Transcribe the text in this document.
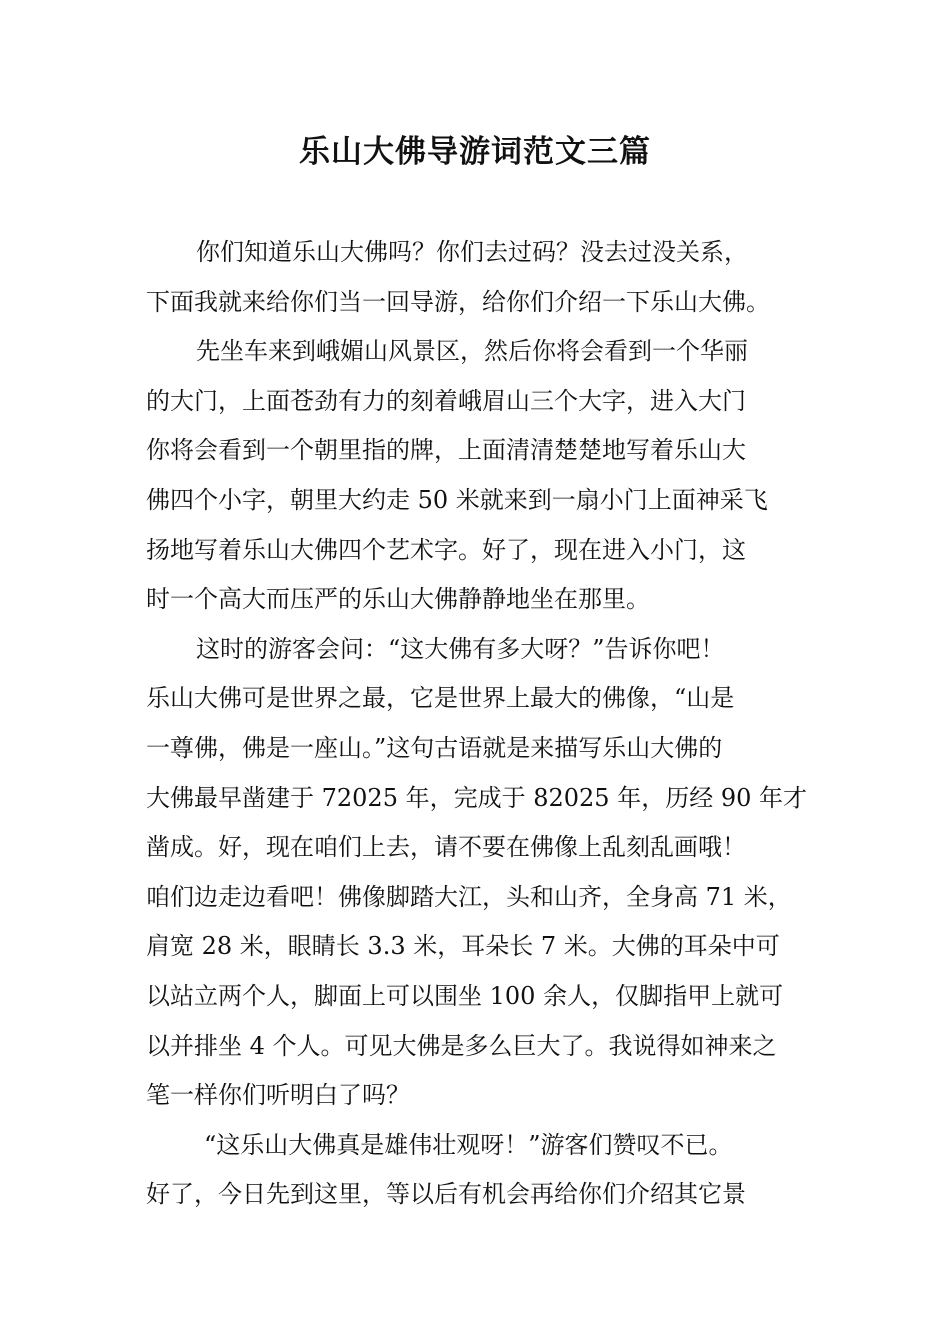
乐山大佛导游词范文三篇

你们知道乐山大佛吗？你们去过码？没去过没关系，

下面我就来给你们当一回导游，给你们介绍一下乐山大佛。

先坐车来到峨媚山风景区，然后你将会看到一个华丽

的大门，上面苍劲有力的刻着峨眉山三个大字，进入大门

你将会看到一个朝里指的牌，上面清清楚楚地写着乐山大

佛四个小字，朝里大约走 50 米就来到一扇小门上面神采飞

扬地写着乐山大佛四个艺术字。好了，现在进入小门，这

时一个高大而压严的乐山大佛静静地坐在那里。

这时的游客会问：“这大佛有多大呀？”告诉你吧！

乐山大佛可是世界之最，它是世界上最大的佛像，“山是

一尊佛，佛是一座山。”这句古语就是来描写乐山大佛的

大佛最早凿建于 72025 年，完成于 82025 年，历经 90 年才

凿成。好，现在咱们上去，请不要在佛像上乱刻乱画哦！

咱们边走边看吧！佛像脚踏大江，头和山齐，全身高 71 米，

肩宽 28 米，眼睛长 3.3 米，耳朵长 7 米。大佛的耳朵中可

以站立两个人，脚面上可以围坐 100 余人，仅脚指甲上就可

以并排坐 4 个人。可见大佛是多么巨大了。我说得如神来之

笔一样你们听明白了吗？

“这乐山大佛真是雄伟壮观呀！”游客们赞叹不已。

好了，今日先到这里，等以后有机会再给你们介绍其它景
